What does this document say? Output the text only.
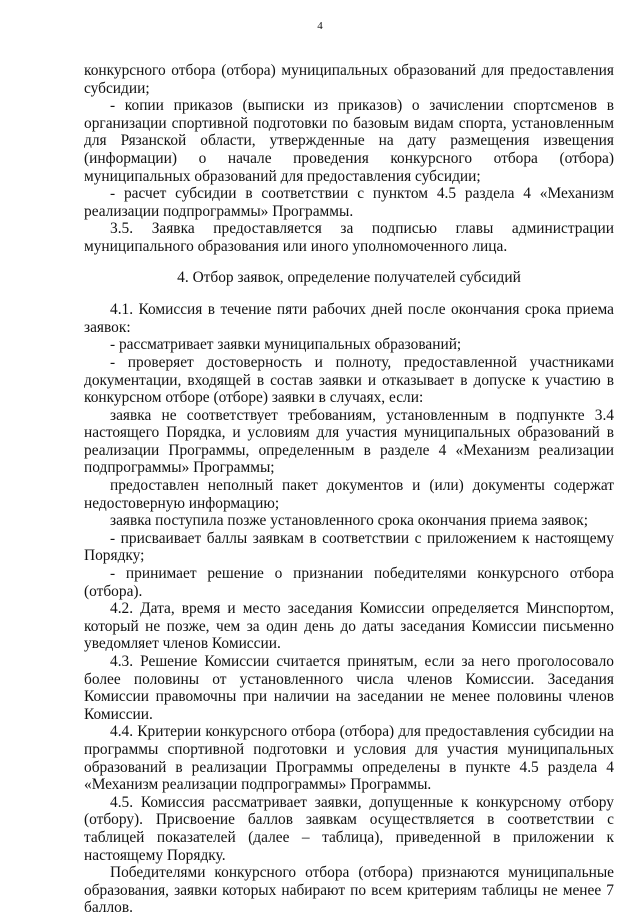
4

конкурсного отбора (отбора) муниципальных образований для предоставления субсидии;

- копии приказов (выписки из приказов) о зачислении спортсменов в организации спортивной подготовки по базовым видам спорта, установленным для Рязанской области, утвержденные на дату размещения извещения (информации) о начале проведения конкурсного отбора (отбора) муниципальных образований для предоставления субсидии;

- расчет субсидии в соответствии с пунктом 4.5 раздела 4 «Механизм реализации подпрограммы» Программы.

3.5. Заявка предоставляется за подписью главы администрации муниципального образования или иного уполномоченного лица.

4. Отбор заявок, определение получателей субсидий

4.1. Комиссия в течение пяти рабочих дней после окончания срока приема заявок:

- рассматривает заявки муниципальных образований;

- проверяет достоверность и полноту, предоставленной участниками документации, входящей в состав заявки и отказывает в допуске к участию в конкурсном отборе (отборе) заявки в случаях, если:

заявка не соответствует требованиям, установленным в подпункте 3.4 настоящего Порядка, и условиям для участия муниципальных образований в реализации Программы, определенным в разделе 4 «Механизм реализации подпрограммы» Программы;

предоставлен неполный пакет документов и (или) документы содержат недостоверную информацию;

заявка поступила позже установленного срока окончания приема заявок;

- присваивает баллы заявкам в соответствии с приложением к настоящему Порядку;

- принимает решение о признании победителями конкурсного отбора (отбора).

4.2. Дата, время и место заседания Комиссии определяется Минспортом, который не позже, чем за один день до даты заседания Комиссии письменно уведомляет членов Комиссии.

4.3. Решение Комиссии считается принятым, если за него проголосовало более половины от установленного числа членов Комиссии. Заседания Комиссии правомочны при наличии на заседании не менее половины членов Комиссии.

4.4. Критерии конкурсного отбора (отбора) для предоставления субсидии на программы спортивной подготовки и условия для участия муниципальных образований в реализации Программы определены в пункте 4.5 раздела 4 «Механизм реализации подпрограммы» Программы.

4.5. Комиссия рассматривает заявки, допущенные к конкурсному отбору (отбору). Присвоение баллов заявкам осуществляется в соответствии с таблицей показателей (далее – таблица), приведенной в приложении к настоящему Порядку.

Победителями конкурсного отбора (отбора) признаются муниципальные образования, заявки которых набирают по всем критериям таблицы не менее 7 баллов.
